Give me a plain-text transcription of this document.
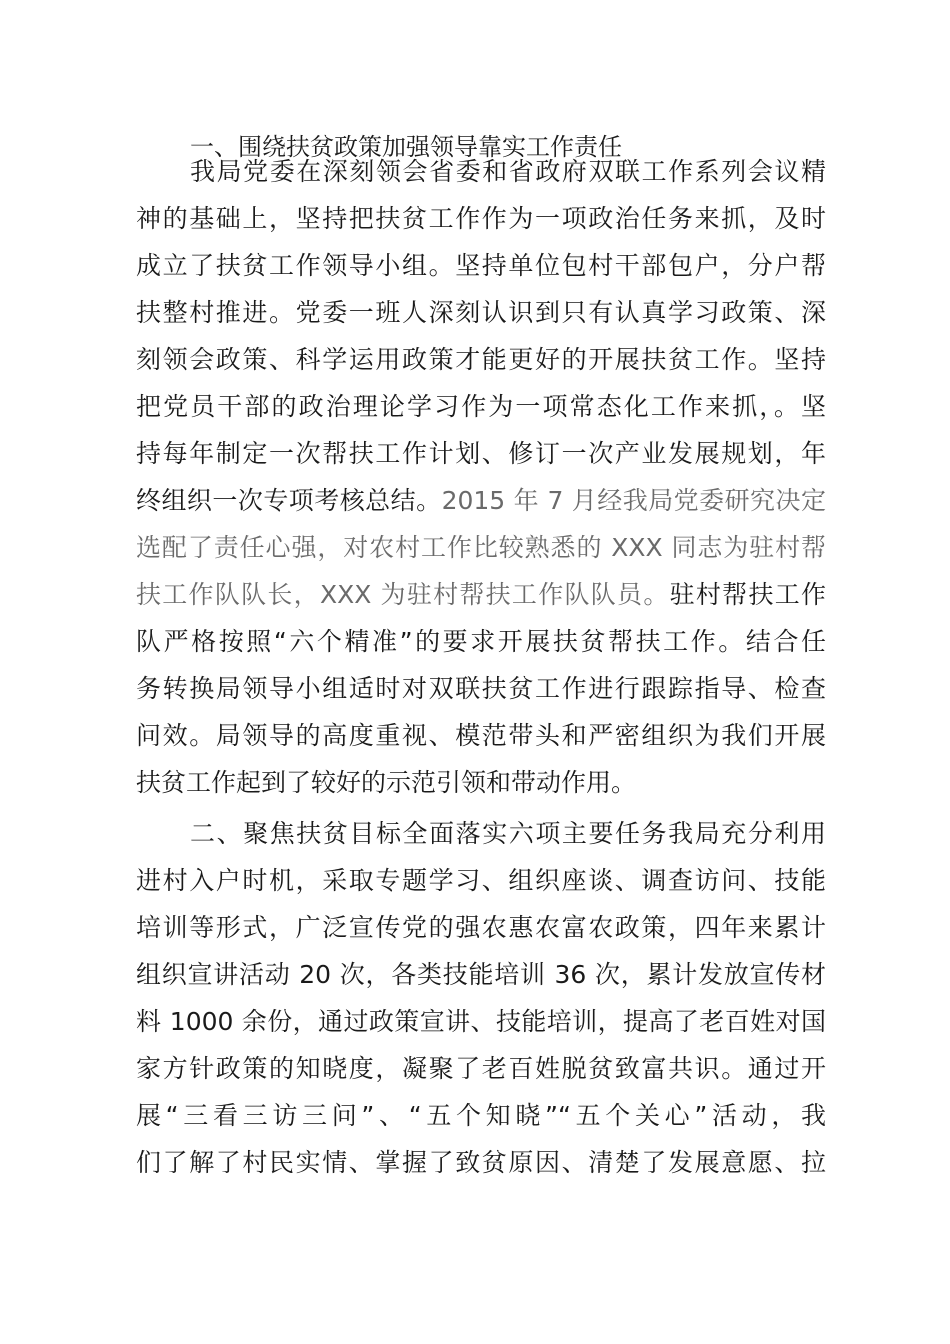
一、围绕扶贫政策加强领导靠实工作责任
我局党委在深刻领会省委和省政府双联工作系列会议精
神的基础上，坚持把扶贫工作作为一项政治任务来抓，及时
成立了扶贫工作领导小组。坚持单位包村干部包户，分户帮
扶整村推进。党委一班人深刻认识到只有认真学习政策、深
刻领会政策、科学运用政策才能更好的开展扶贫工作。坚持
把党员干部的政治理论学习作为一项常态化工作来抓，。坚
持每年制定一次帮扶工作计划、修订一次产业发展规划，年
终组织一次专项考核总结。2015 年 7 月经我局党委研究决定
选配了责任心强，对农村工作比较熟悉的 XXX 同志为驻村帮
扶工作队队长，XXX 为驻村帮扶工作队队员。驻村帮扶工作
队严格按照“六个精准”的要求开展扶贫帮扶工作。结合任
务转换局领导小组适时对双联扶贫工作进行跟踪指导、检查
问效。局领导的高度重视、模范带头和严密组织为我们开展
扶贫工作起到了较好的示范引领和带动作用。
二、聚焦扶贫目标全面落实六项主要任务我局充分利用
进村入户时机，采取专题学习、组织座谈、调查访问、技能
培训等形式，广泛宣传党的强农惠农富农政策，四年来累计
组织宣讲活动 20 次，各类技能培训 36 次，累计发放宣传材
料 1000 余份，通过政策宣讲、技能培训，提高了老百姓对国
家方针政策的知晓度，凝聚了老百姓脱贫致富共识。通过开
展“三看三访三问”、“五个知晓”“五个关心”活动，我
们了解了村民实情、掌握了致贫原因、清楚了发展意愿、拉
